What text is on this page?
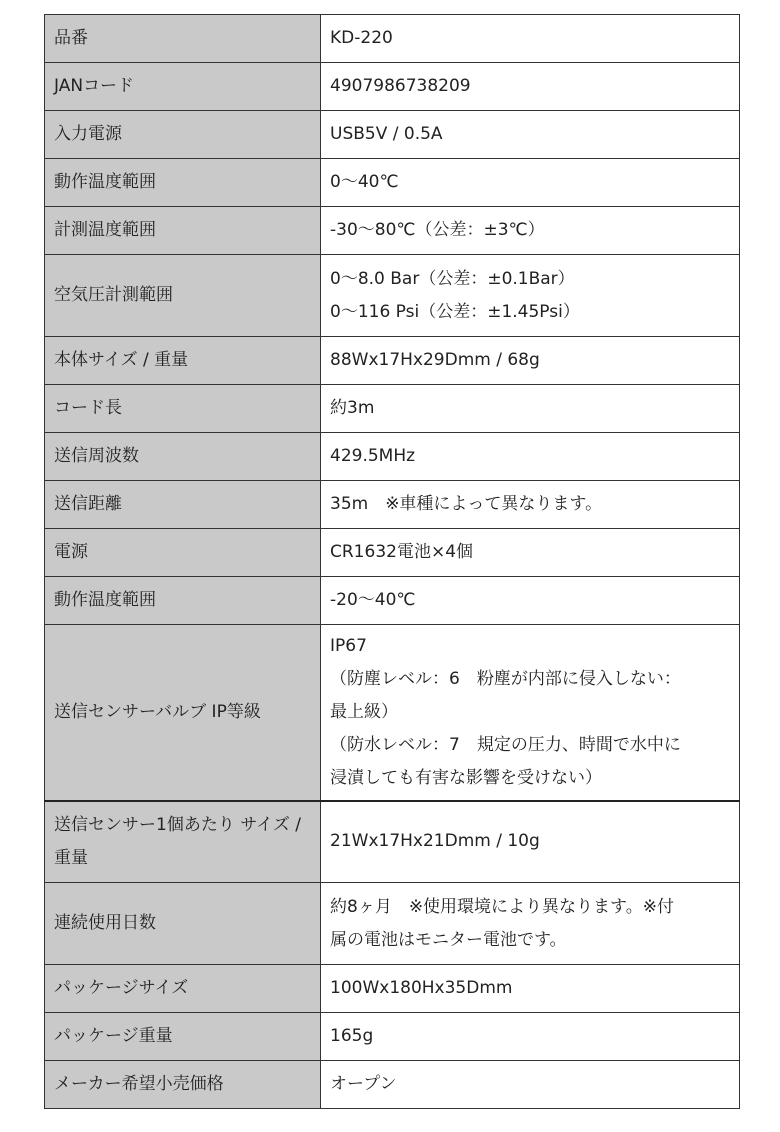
品番	KD-220

JANコード	4907986738209

入力電源	USB5V / 0.5A

動作温度範囲	0〜40℃

計測温度範囲	-30〜80℃（公差：±3℃）

空気圧計測範囲	0〜8.0 Bar（公差：±0.1Bar）
0〜116 Psi（公差：±1.45Psi）

本体サイズ / 重量	88Wx17Hx29Dmm / 68g

コード長	約3m

送信周波数	429.5MHz

送信距離	35m　※車種によって異なります。

電源	CR1632電池×4個

動作温度範囲	-20〜40℃

送信センサーバルブ IP等級	IP67
（防塵レベル：6　粉塵が内部に侵入しない：
最上級）
（防水レベル：7　規定の圧力、時間で水中に
浸漬しても有害な影響を受けない）

送信センサー1個あたり サイズ / 重量	21Wx17Hx21Dmm / 10g

連続使用日数	約8ヶ月　※使用環境により異なります。※付
属の電池はモニター電池です。

パッケージサイズ	100Wx180Hx35Dmm

パッケージ重量	165g

メーカー希望小売価格	オープン
